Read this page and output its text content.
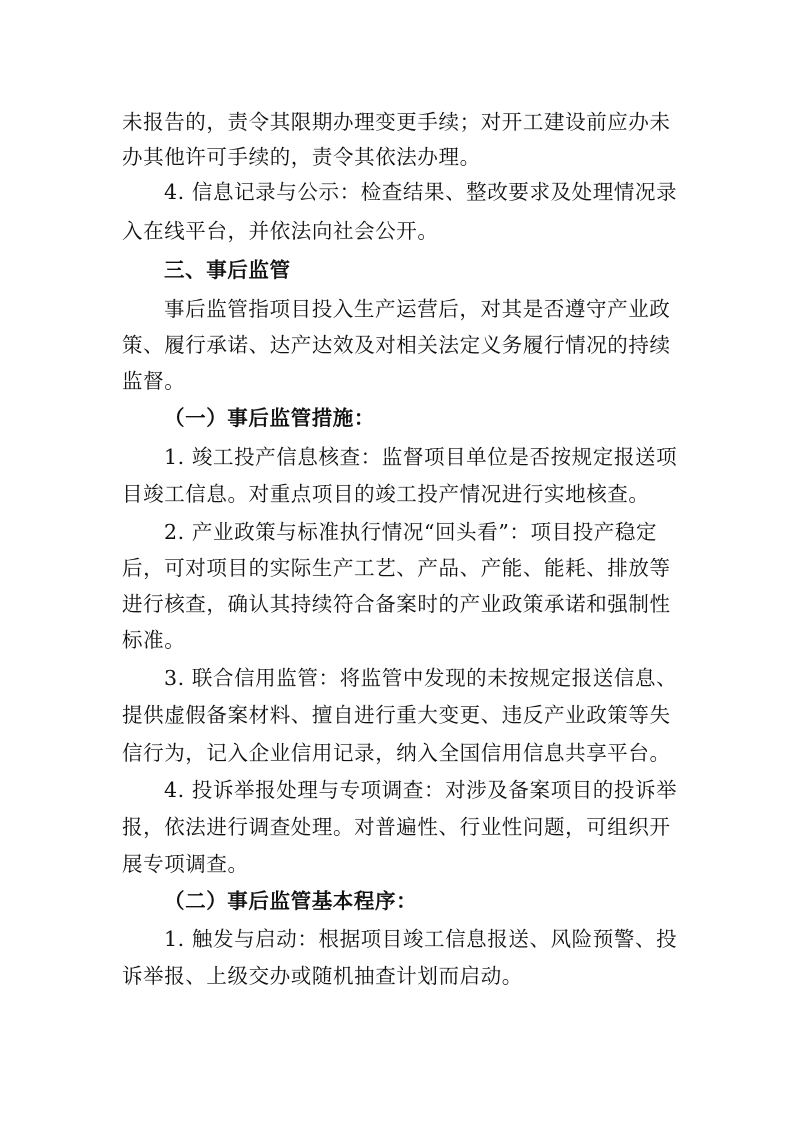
未报告的，责令其限期办理变更手续；对开工建设前应办未
办其他许可手续的，责令其依法办理。
4. 信息记录与公示：检查结果、整改要求及处理情况录
入在线平台，并依法向社会公开。
三、事后监管
事后监管指项目投入生产运营后，对其是否遵守产业政
策、履行承诺、达产达效及对相关法定义务履行情况的持续
监督。
（一）事后监管措施：
1. 竣工投产信息核查：监督项目单位是否按规定报送项
目竣工信息。对重点项目的竣工投产情况进行实地核查。
2. 产业政策与标准执行情况“回头看”：项目投产稳定
后，可对项目的实际生产工艺、产品、产能、能耗、排放等
进行核查，确认其持续符合备案时的产业政策承诺和强制性
标准。
3. 联合信用监管：将监管中发现的未按规定报送信息、
提供虚假备案材料、擅自进行重大变更、违反产业政策等失
信行为，记入企业信用记录，纳入全国信用信息共享平台。
4. 投诉举报处理与专项调查：对涉及备案项目的投诉举
报，依法进行调查处理。对普遍性、行业性问题，可组织开
展专项调查。
（二）事后监管基本程序：
1. 触发与启动：根据项目竣工信息报送、风险预警、投
诉举报、上级交办或随机抽查计划而启动。
